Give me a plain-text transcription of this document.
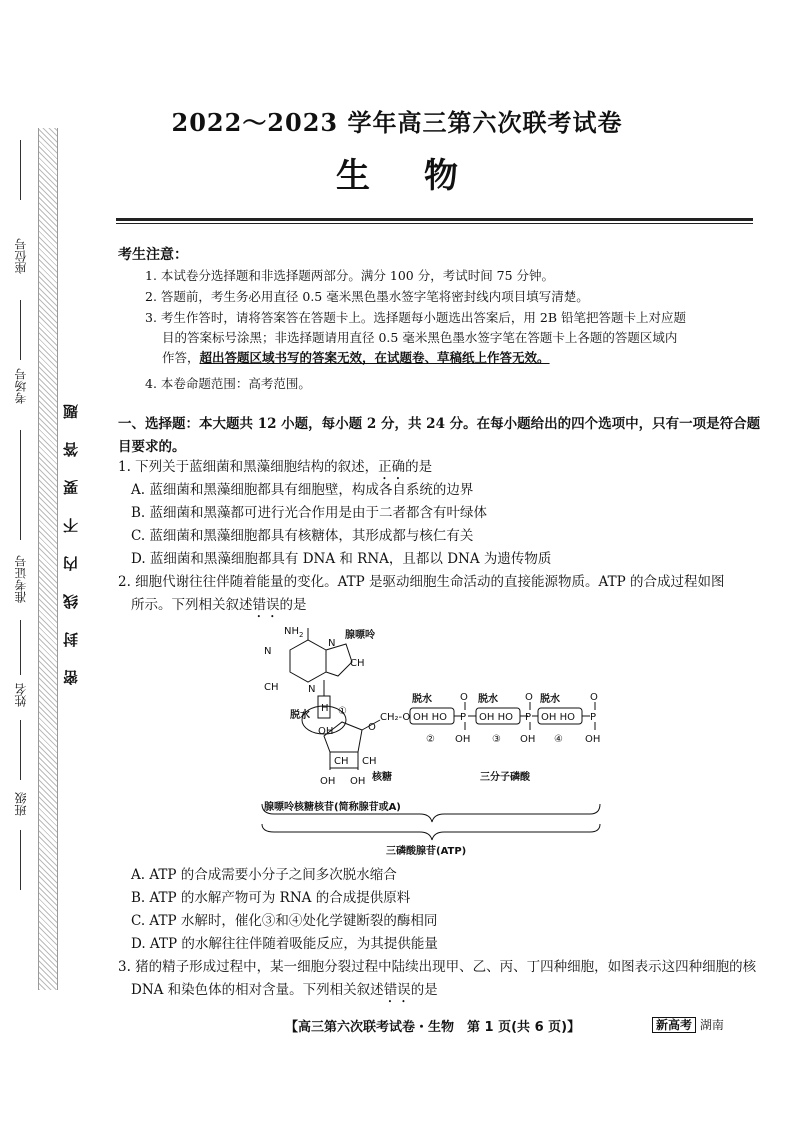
座位号
考场号
准考证号
姓名
班级
题
答
要
不
内
线
封
密
2022～2023 学年高三第六次联考试卷
生物
考生注意：
1. 本试卷分选择题和非选择题两部分。满分 100 分，考试时间 75 分钟。
2. 答题前，考生务必用直径 0.5 毫米黑色墨水签字笔将密封线内项目填写清楚。
3. 考生作答时，请将答案答在答题卡上。选择题每小题选出答案后，用 2B 铅笔把答题卡上对应题
目的答案标号涂黑；非选择题请用直径 0.5 毫米黑色墨水签字笔在答题卡上各题的答题区域内
作答，超出答题区域书写的答案无效，在试题卷、草稿纸上作答无效。
4. 本卷命题范围：高考范围。
一、选择题：本大题共 12 小题，每小题 2 分，共 24 分。在每小题给出的四个选项中，只有一项是符合题目要求的。
1. 下列关于蓝细菌和黑藻细胞结构的叙述，正确的是
A. 蓝细菌和黑藻细胞都具有细胞壁，构成各自系统的边界
B. 蓝细菌和黑藻都可进行光合作用是由于二者都含有叶绿体
C. 蓝细菌和黑藻细胞都具有核糖体，其形成都与核仁有关
D. 蓝细菌和黑藻细胞都具有 DNA 和 RNA，且都以 DNA 为遗传物质
2. 细胞代谢往往伴随着能量的变化。ATP 是驱动细胞生命活动的直接能源物质。ATP 的合成过程如图
所示。下列相关叙述错误的是
$NH_2$	腺嘌呤
N
N
CH
CH	N
H
脱水	①
OH	O
CH₂-O
OH OH
CH CH
核糖
脱水
OH HO
②
P
O
OH
脱水
OH HO
③
P
O
OH
脱水
OH HO
④
P
O
OH
三分子磷酸
腺嘌呤核糖核苷(简称腺苷或A)
三磷酸腺苷(ATP)
A. ATP 的合成需要小分子之间多次脱水缩合
B. ATP 的水解产物可为 RNA 的合成提供原料
C. ATP 水解时，催化③和④处化学键断裂的酶相同
D. ATP 的水解往往伴随着吸能反应，为其提供能量
3. 猪的精子形成过程中，某一细胞分裂过程中陆续出现甲、乙、丙、丁四种细胞，如图表示这四种细胞的核
DNA 和染色体的相对含量。下列相关叙述错误的是
【高三第六次联考试卷・生物　第 1 页(共 6 页)】	新高考 湖南
